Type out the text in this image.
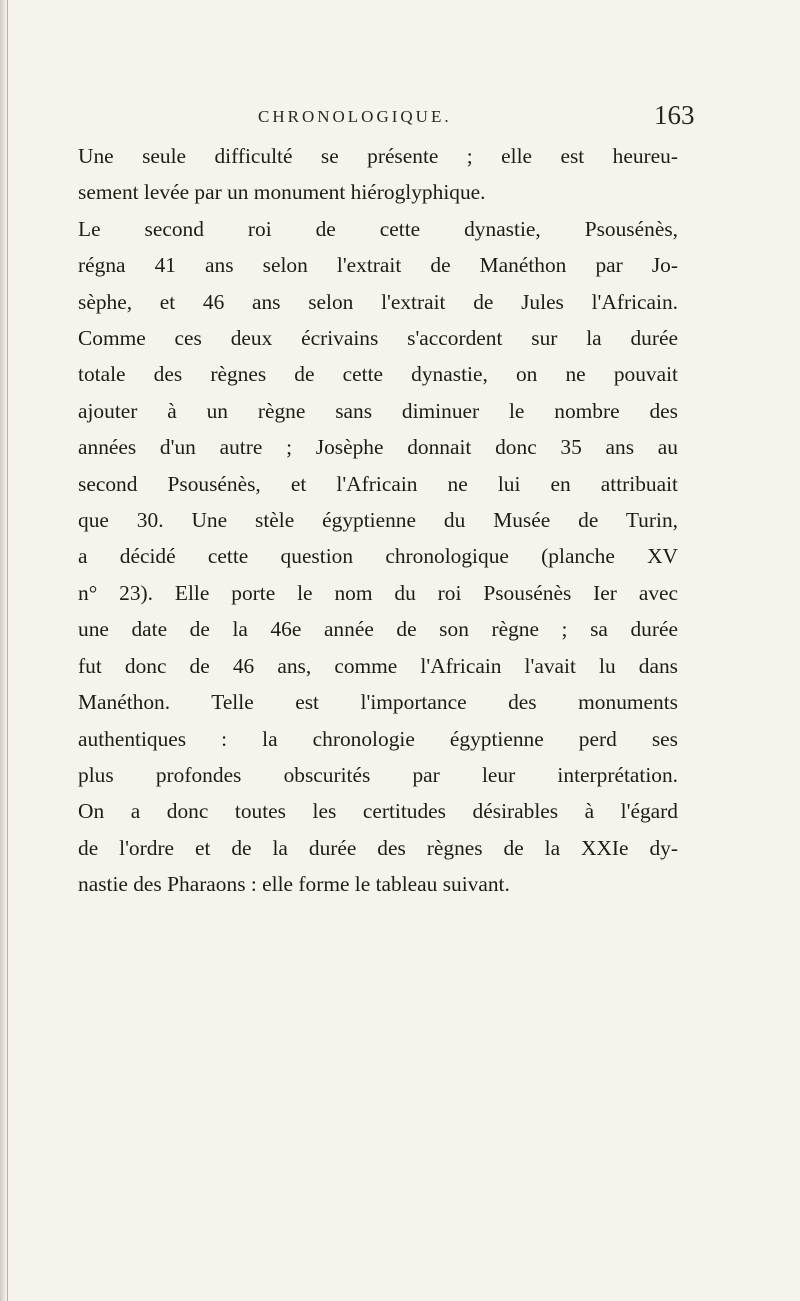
CHRONOLOGIQUE.	163
Une seule difficulté se présente ; elle est heureu-
sement levée par un monument hiéroglyphique.
Le second roi de cette dynastie, Psousénès,
régna 41 ans selon l'extrait de Manéthon par Jo-
sèphe, et 46 ans selon l'extrait de Jules l'Africain.
Comme ces deux écrivains s'accordent sur la durée
totale des règnes de cette dynastie, on ne pouvait
ajouter à un règne sans diminuer le nombre des
années d'un autre ; Josèphe donnait donc 35 ans au
second Psousénès, et l'Africain ne lui en attribuait
que 30. Une stèle égyptienne du Musée de Turin,
a décidé cette question chronologique (planche XV
n° 23). Elle porte le nom du roi Psousénès Ier avec
une date de la 46e année de son règne ; sa durée
fut donc de 46 ans, comme l'Africain l'avait lu dans
Manéthon. Telle est l'importance des monuments
authentiques : la chronologie égyptienne perd ses
plus profondes obscurités par leur interprétation.
On a donc toutes les certitudes désirables à l'égard
de l'ordre et de la durée des règnes de la XXIe dy-
nastie des Pharaons : elle forme le tableau suivant.
